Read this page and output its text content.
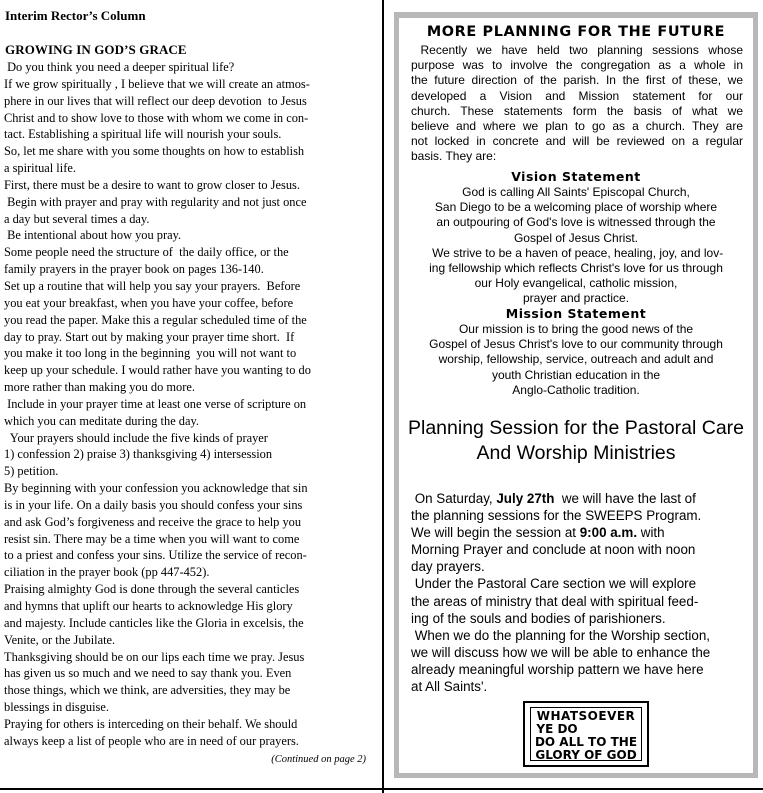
Interim Rector’s Column
GROWING IN GOD’S GRACE
Do you think you need a deeper spiritual life?
If we grow spiritually , I believe that we will create an atmos-
phere in our lives that will reflect our deep devotion  to Jesus
Christ and to show love to those with whom we come in con-
tact. Establishing a spiritual life will nourish your souls.
So, let me share with you some thoughts on how to establish
a spiritual life.
First, there must be a desire to want to grow closer to Jesus.
Begin with prayer and pray with regularity and not just once
a day but several times a day.
Be intentional about how you pray.
Some people need the structure of  the daily office, or the
family prayers in the prayer book on pages 136-140.
Set up a routine that will help you say your prayers.  Before
you eat your breakfast, when you have your coffee, before
you read the paper. Make this a regular scheduled time of the
day to pray. Start out by making your prayer time short.  If
you make it too long in the beginning  you will not want to
keep up your schedule. I would rather have you wanting to do
more rather than making you do more.
Include in your prayer time at least one verse of scripture on
which you can meditate during the day.
Your prayers should include the five kinds of prayer
1) confession 2) praise 3) thanksgiving 4) intersession
5) petition.
By beginning with your confession you acknowledge that sin
is in your life. On a daily basis you should confess your sins
and ask God’s forgiveness and receive the grace to help you
resist sin. There may be a time when you will want to come
to a priest and confess your sins. Utilize the service of recon-
ciliation in the prayer book (pp 447-452).
Praising almighty God is done through the several canticles
and hymns that uplift our hearts to acknowledge His glory
and majesty. Include canticles like the Gloria in excelsis, the
Venite, or the Jubilate.
Thanksgiving should be on our lips each time we pray. Jesus
has given us so much and we need to say thank you. Even
those things, which we think, are adversities, they may be
blessings in disguise.
Praying for others is interceding on their behalf. We should
always keep a list of people who are in need of our prayers.
(Continued on page 2)
MORE PLANNING FOR THE FUTURE
Recently we have held two planning sessions whose
purpose was to involve the congregation as a whole in
the future direction of the parish. In the first of these, we
developed a Vision and Mission statement for our
church. These statements form the basis of what we
believe and where we plan to go as a church. They are
not locked in concrete and will be reviewed on a regular
basis. They are:
Vision Statement
God is calling All Saints' Episcopal Church,
San Diego to be a welcoming place of worship where
an outpouring of God's love is witnessed through the
Gospel of Jesus Christ.
We strive to be a haven of peace, healing, joy, and lov-
ing fellowship which reflects Christ's love for us through
our Holy evangelical, catholic mission,
prayer and practice.
Mission Statement
Our mission is to bring the good news of the
Gospel of Jesus Christ's love to our community through
worship, fellowship, service, outreach and adult and
youth Christian education in the
Anglo-Catholic tradition.
Planning Session for the Pastoral Care
And Worship Ministries
On Saturday, July 27th  we will have the last of
the planning sessions for the SWEEPS Program.
We will begin the session at 9:00 a.m. with
Morning Prayer and conclude at noon with noon
day prayers.
Under the Pastoral Care section we will explore
the areas of ministry that deal with spiritual feed-
ing of the souls and bodies of parishioners.
When we do the planning for the Worship section,
we will discuss how we will be able to enhance the
already meaningful worship pattern we have here
at All Saints'.
WHATSOEVER
YE DO
DO ALL TO THE
GLORY OF GOD
